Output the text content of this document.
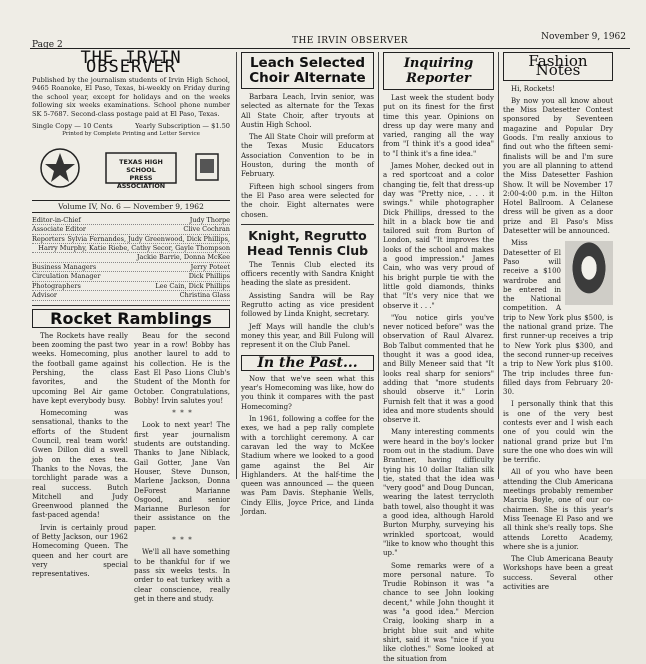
Page 2	THE IRVIN OBSERVER	November 9, 1962
THE IRVIN OBSERVER

Published by the journalism students of Irvin High School, 9465 Roanoke, El Paso, Texas, bi-weekly on Friday during the school year, except for holidays and on the weeks following six weeks examinations. School phone number SK 5-7687. Second-class postage paid at El Paso, Texas.

Single Copy — 10 Cents	Yearly Subscription — $1.50
Printed by Complete Printing and Letter Service
TEXAS HIGH SCHOOL
PRESS ASSOCIATION
Volume IV, No. 6 — November 9, 1962
Editor-in-Chief	Judy Thorpe
Associate Editor	Clive Cochran
Reporters Sylvia Fernandes, Judy Greenwood, Dick Phillips,
Harry Murphy, Katie Riebe, Cathy Secor, Gayle Thompson
Jackie Barrie, Donna McKee
Business Managers	Jerry Poteet
Circulation Manager	Dick Phillips
Photographers	Lee Cain, Dick Phillips
Advisor	Christina Glass
Rocket Ramblings

The Rockets have really been zooming the past two weeks. Homecoming, plus the football game against Pershing, the class favorites, and the upcoming Bel Air game have kept everybody busy.

Homecoming was sensational, thanks to the efforts of the Student Council, real team work! Gwen Dillon did a swell job on the exes tea. Thanks to the Novas, the torchlight parade was a real success. Butch Mitchell and Judy Greenwood planned the fast-paced agenda!

Irvin is certainly proud of Betty Jackson, our 1962 Homecoming Queen. The queen and her court are very special representatives.

Beau for the second year in a row! Bobby has another laurel to add to his collection. He is the East El Paso Lions Club's Student of the Month for October. Congratulations, Bobby! Irvin salutes you!

*  *  *

Look to next year! The first year journalism students are outstanding. Thanks to Jane Niblack, Gail Gotter, Jane Van Houser, Steve Dunson, Marlene Jackson, Donna DeForest Marianne Osgood, and senior Marianne Burleson for their assistance on the paper.

*  *  *

We'll all have something to be thankful for if we pass six weeks tests. In order to eat turkey with a clear conscience, really get in there and study.

Leach Selected Choir Alternate

Barbara Leach, Irvin senior, was selected as alternate for the Texas All State Choir, after tryouts at Austin High School.

The All State Choir will preform at the Texas Music Educators Association Convention to be in Houston, during the month of February.

Fifteen high school singers from the El Paso area were selected for the choir. Eight alternates were chosen.

Knight, Regrutto Head Tennis Club

The Tennis Club elected its officers recently with Sandra Knight heading the slate as president.

Assisting Sandra will be Ray Regrutto acting as vice president followed by Linda Knight, secretary.

Jeff Mays will handle the club's money this year, and Bill Fulong will represent it on the Club Panel.

In the Past...

Now that we've seen what this year's Homecoming was like, how do you think it compares with the past Homecoming?

In 1961, following a coffee for the exes, we had a pep rally complete with a torchlight ceremony. A car caravan led the way to McKee Stadium where we looked to a good game against the Bel Air Highlanders. At the half-time the queen was announced — the queen was Pam Davis. Stephanie Wells, Cindy Ellis, Joyce Price, and Linda Jordan.

Inquiring
Reporter

Last week the student body put on its finest for the first time this year. Opinions on dress up day were many and varied, ranging all the way from "I think it's a good idea" to "I think it's a fine idea."

James Moher, decked out in a red sportcoat and a color changing tie, felt that dress-up day was "Pretty nice, . . . it swings." while photographer Dick Phillips, dressed to the hilt in a black bow tie and tailored suit from Burton of London, said "It improves the looks of the school and makes a good impression." James Cain, who was very proud of his bright purple tie with the little gold diamonds, thinks that "It's very nice that we observe it . . ."

"You notice girls you've never noticed before" was the observation of Raul Alvarez. Bob Talbut commented that he thought it was a good idea, and Billy Meneer said that "It looks real sharp for seniors" adding that "more students should observe it." Lorin Furnish felt that it was a good idea and more students should observe it.

Many interesting comments were heard in the boy's locker room out in the stadium. Dave Brantner, having difficulty tying his 10 dollar Italian silk tie, stated that the idea was "very good" and Doug Duncan, wearing the latest terrycloth bath towel, also thought it was a good idea, although Harold Burton Murphy, surveying his wrinkled sportcoat, would "like to know who thought this up."

Some remarks were of a more personal nature. To Trudie Robinson it was "a chance to see John looking decent," while John thought it was "a good idea." Mercion Craig, looking sharp in a bright blue suit and white shirt, said it was "nice if you like clothes." Some looked at the situation from

Fashion Notes

Hi, Rockets!

By now you all know about the Miss Datesetter Contest sponsored by Seventeen magazine and Popular Dry Goods. I'm really anxious to find out who the fifteen semi-finalists will be and I'm sure you are all planning to attend the Miss Datesetter Fashion Show. It will be November 17 2:00-4:00 p.m. in the Hilton Hotel Ballroom. A Celanese dress will be given as a door prize and El Paso's Miss Datesetter will be announced.

Miss Datesetter of El Paso will receive a $100 wardrobe and be entered in the National competition. A trip to New York plus $500, is the national grand prize. The first runner-up receives a trip to New York plus $300, and the second runner-up receives a trip to New York plus $100. The trip includes three fun-filled days from February 20-30.

I personally think that this is one of the very best contests ever and I wish each one of you could win the national grand prize but I'm sure the one who does win will be terrific.

All of you who have been attending the Club Americana meetings probably remember Marcia Boyle, one of our co-chairmen. She is this year's Miss Teenage El Paso and we all think she's really tops. She attends Loretto Academy, where she is a junior.

The Club Americana Beauty Workshops have been a great success. Several other activities are
